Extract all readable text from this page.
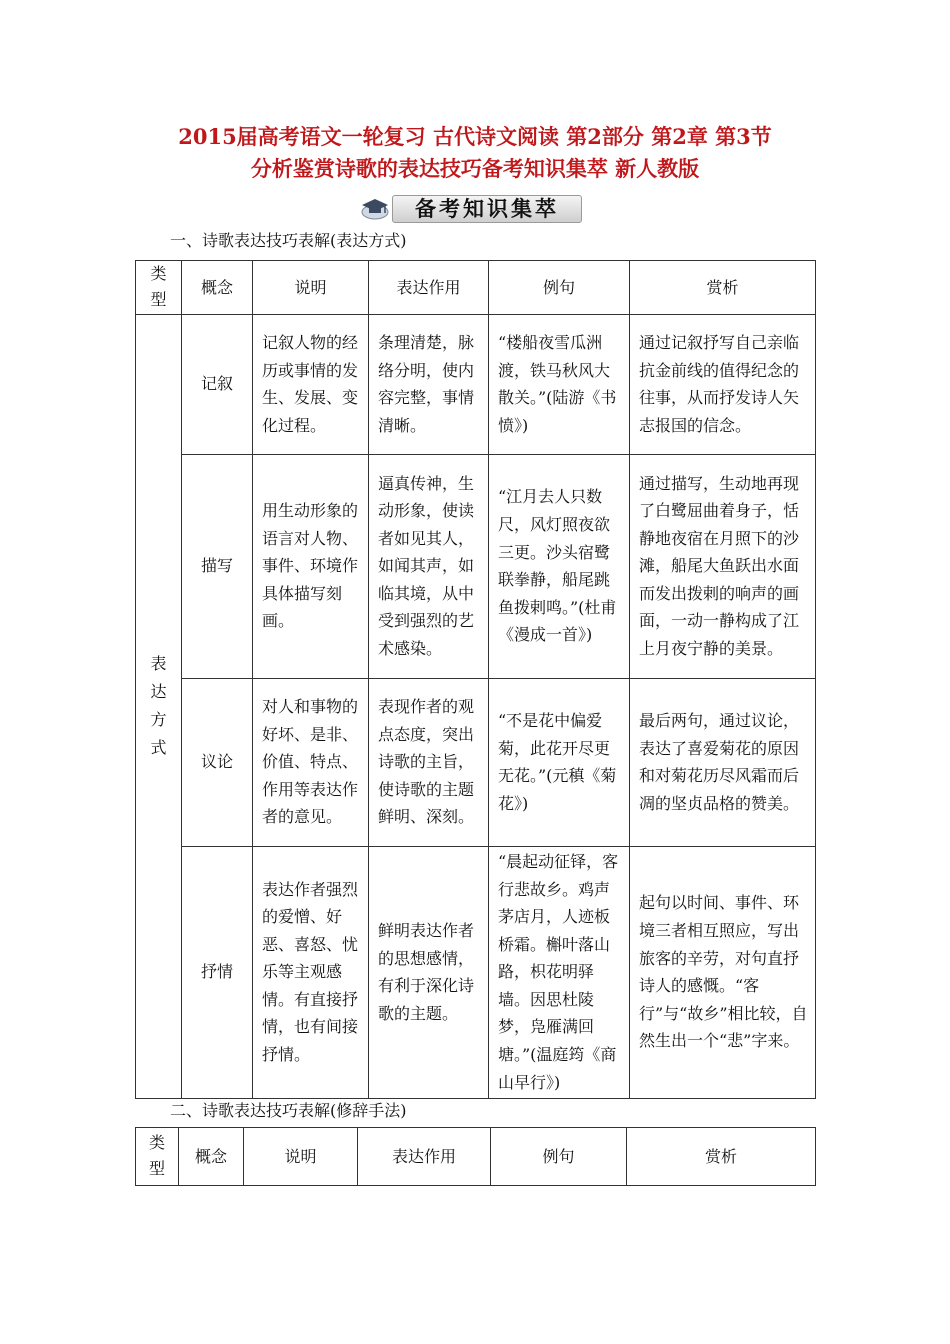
2015届高考语文一轮复习 古代诗文阅读 第2部分 第2章 第3节
分析鉴赏诗歌的表达技巧备考知识集萃 新人教版
备考知识集萃
一、诗歌表达技巧表解(表达方式)
类型	概念	说明	表达作用	例句	赏析
表达方式	记叙	记叙人物的经历或事情的发生、发展、变化过程。	条理清楚，脉络分明，使内容完整，事情清晰。	“楼船夜雪瓜洲渡，铁马秋风大散关。”(陆游《书愤》)	通过记叙抒写自己亲临抗金前线的值得纪念的往事，从而抒发诗人矢志报国的信念。
	描写	用生动形象的语言对人物、事件、环境作具体描写刻画。	逼真传神，生动形象，使读者如见其人，如闻其声，如临其境，从中受到强烈的艺术感染。	“江月去人只数尺，风灯照夜欲三更。沙头宿鹭联拳静，船尾跳鱼拨剌鸣。”(杜甫《漫成一首》)	通过描写，生动地再现了白鹭屈曲着身子，恬静地夜宿在月照下的沙滩，船尾大鱼跃出水面而发出拨剌的响声的画面，一动一静构成了江上月夜宁静的美景。
	议论	对人和事物的好坏、是非、价值、特点、作用等表达作者的意见。	表现作者的观点态度，突出诗歌的主旨，使诗歌的主题鲜明、深刻。	“不是花中偏爱菊，此花开尽更无花。”(元稹《菊花》)	最后两句，通过议论，表达了喜爱菊花的原因和对菊花历尽风霜而后凋的坚贞品格的赞美。
	抒情	表达作者强烈的爱憎、好恶、喜怒、忧乐等主观感情。有直接抒情，也有间接抒情。	鲜明表达作者的思想感情，有利于深化诗歌的主题。	“晨起动征铎，客行悲故乡。鸡声茅店月，人迹板桥霜。槲叶落山路，枳花明驿墙。因思杜陵梦，凫雁满回塘。”(温庭筠《商山早行》)	起句以时间、事件、环境三者相互照应，写出旅客的辛劳，对句直抒诗人的感慨。“客行”与“故乡”相比较，自然生出一个“悲”字来。
二、诗歌表达技巧表解(修辞手法)
类型	概念	说明	表达作用	例句	赏析
